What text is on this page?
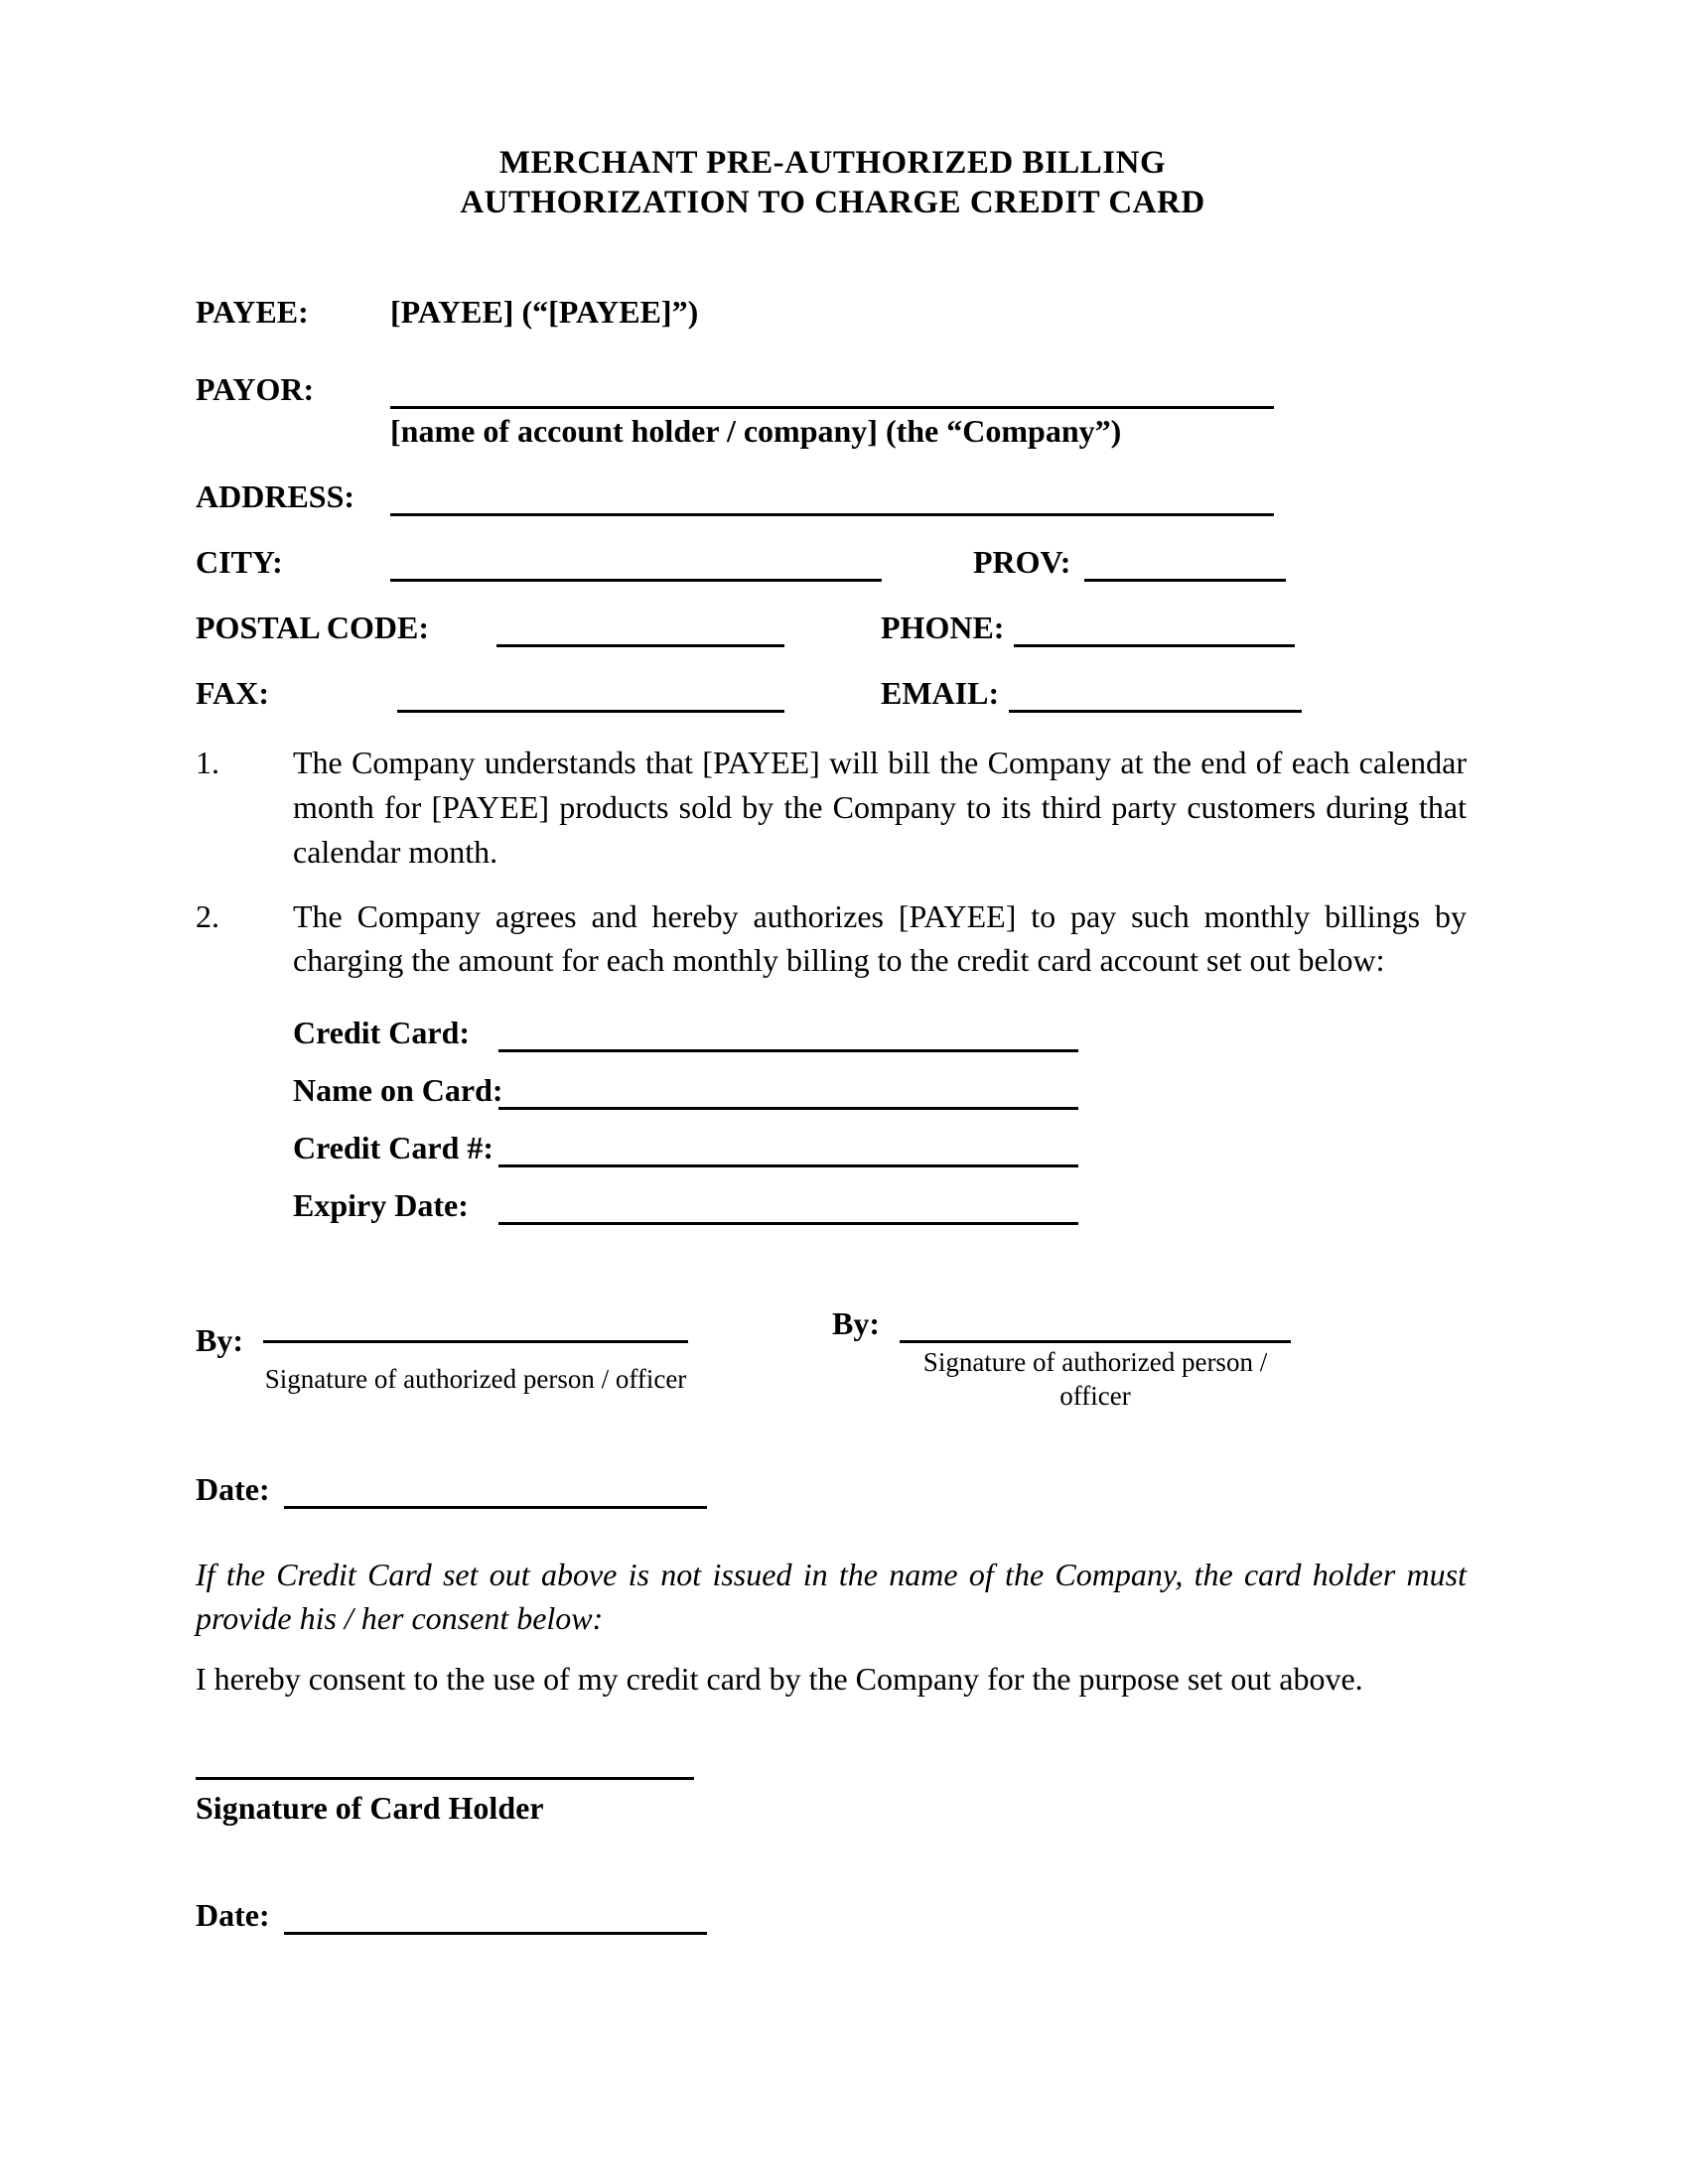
MERCHANT PRE-AUTHORIZED BILLING
AUTHORIZATION TO CHARGE CREDIT CARD
PAYEE:	[PAYEE] (“[PAYEE]”)
PAYOR:
[name of account holder / company] (the “Company”)
ADDRESS:
CITY:	PROV:
POSTAL CODE:	PHONE:
FAX:	EMAIL:
1.	The Company understands that [PAYEE] will bill the Company at the end of each calendar month for [PAYEE] products sold by the Company to its third party customers during that calendar month.
2.	The Company agrees and hereby authorizes [PAYEE] to pay such monthly billings by charging the amount for each monthly billing to the credit card account set out below:
Credit Card:
Name on Card:
Credit Card #:
Expiry Date:
By:
Signature of authorized person / officer
By:
Signature of authorized person / officer
Date:
If the Credit Card set out above is not issued in the name of the Company, the card holder must provide his / her consent below:
I hereby consent to the use of my credit card by the Company for the purpose set out above.
Signature of Card Holder
Date:
